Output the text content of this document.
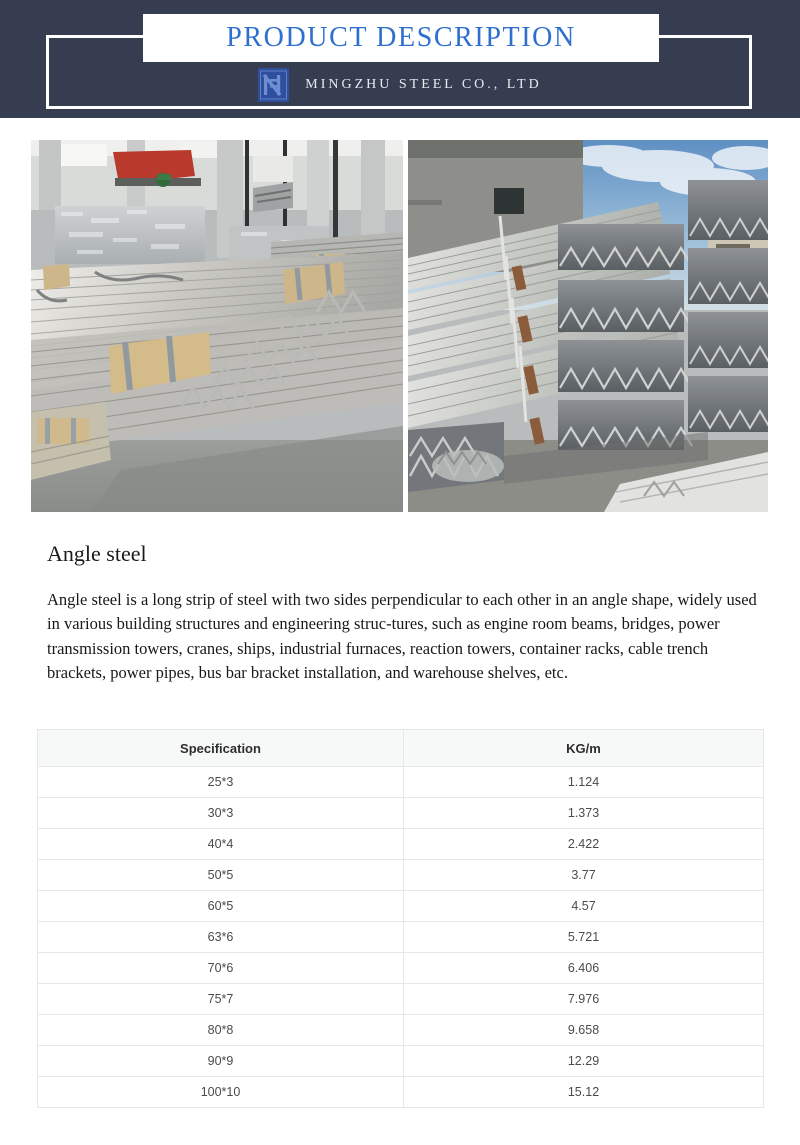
PRODUCT DESCRIPTION
MINGZHU STEEL CO., LTD
Angle steel
Angle steel is a long strip of steel with two sides perpendicular to each other in an angle shape, widely used in various building structures and engineering struc-tures, such as engine room beams, bridges, power transmission towers, cranes, ships, industrial furnaces, reaction towers, container racks, cable trench brackets, power pipes, bus bar bracket installation, and warehouse shelves, etc.
Specification	KG/m
25*3	1.124
30*3	1.373
40*4	2.422
50*5	3.77
60*5	4.57
63*6	5.721
70*6	6.406
75*7	7.976
80*8	9.658
90*9	12.29
100*10	15.12
